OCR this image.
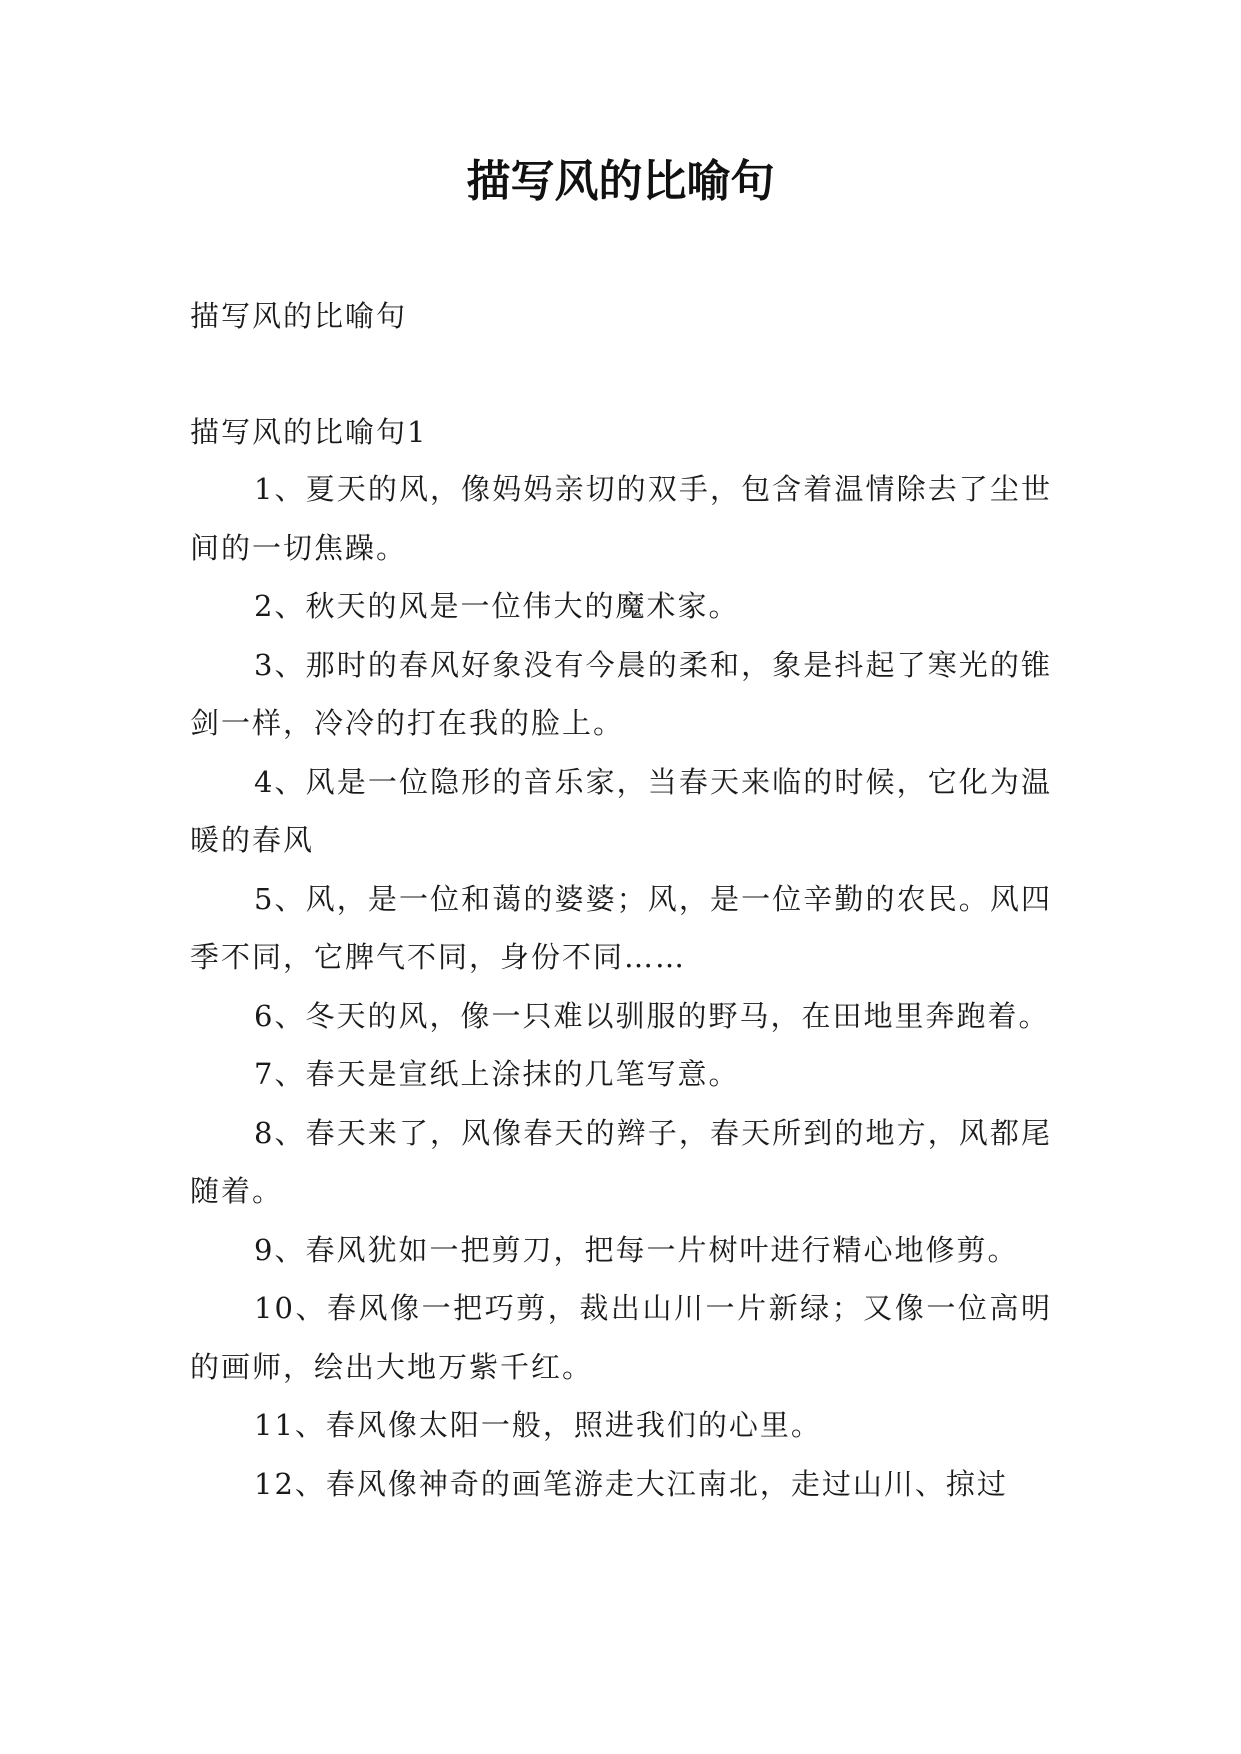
描写风的比喻句
描写风的比喻句
描写风的比喻句1
1、夏天的风，像妈妈亲切的双手，包含着温情除去了尘世间的一切焦躁。
2、秋天的风是一位伟大的魔术家。
3、那时的春风好象没有今晨的柔和，象是抖起了寒光的锥剑一样，冷冷的打在我的脸上。
4、风是一位隐形的音乐家，当春天来临的时候，它化为温暖的春风
5、风，是一位和蔼的婆婆；风，是一位辛勤的农民。风四季不同，它脾气不同，身份不同……
6、冬天的风，像一只难以驯服的野马，在田地里奔跑着。
7、春天是宣纸上涂抹的几笔写意。
8、春天来了，风像春天的辫子，春天所到的地方，风都尾随着。
9、春风犹如一把剪刀，把每一片树叶进行精心地修剪。
10、春风像一把巧剪，裁出山川一片新绿；又像一位高明的画师，绘出大地万紫千红。
11、春风像太阳一般，照进我们的心里。
12、春风像神奇的画笔游走大江南北，走过山川、掠过
